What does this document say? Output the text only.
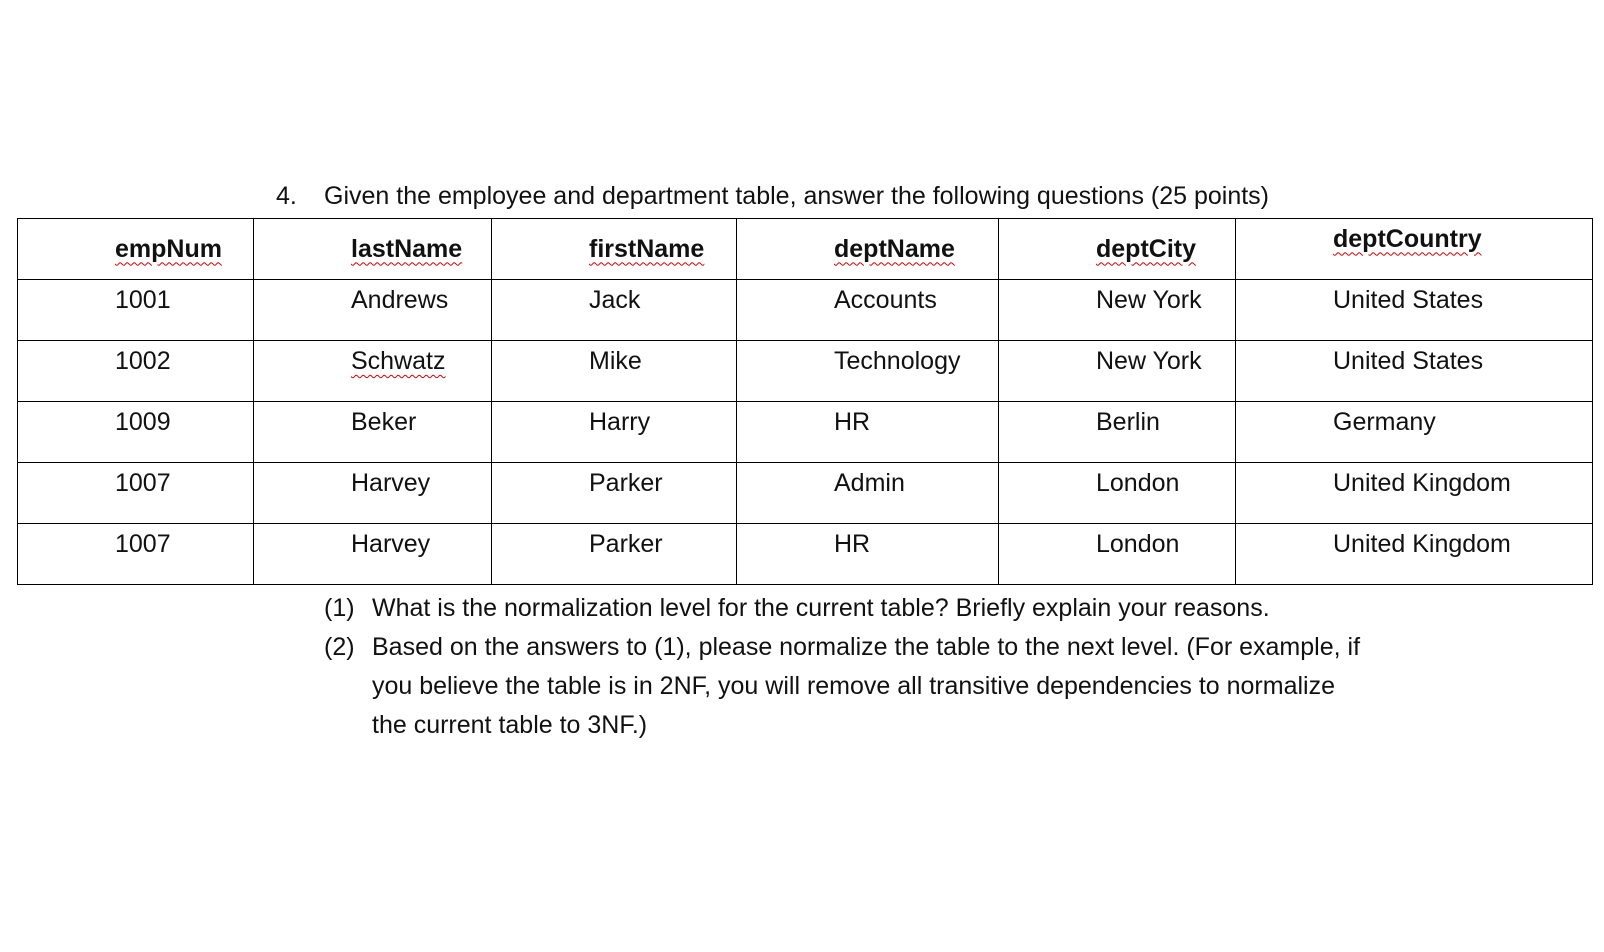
4. Given the employee and department table, answer the following questions (25 points)
empNum	lastName	firstName	deptName	deptCity	deptCountry

1001	Andrews	Jack	Accounts	New York	United States

1002	Schwatz	Mike	Technology	New York	United States

1009	Beker	Harry	HR	Berlin	Germany

1007	Harvey	Parker	Admin	London	United Kingdom

1007	Harvey	Parker	HR	London	United Kingdom
(1) What is the normalization level for the current table? Briefly explain your reasons.
(2) Based on the answers to (1), please normalize the table to the next level. (For example, if you believe the table is in 2NF, you will remove all transitive dependencies to normalize the current table to 3NF.)
